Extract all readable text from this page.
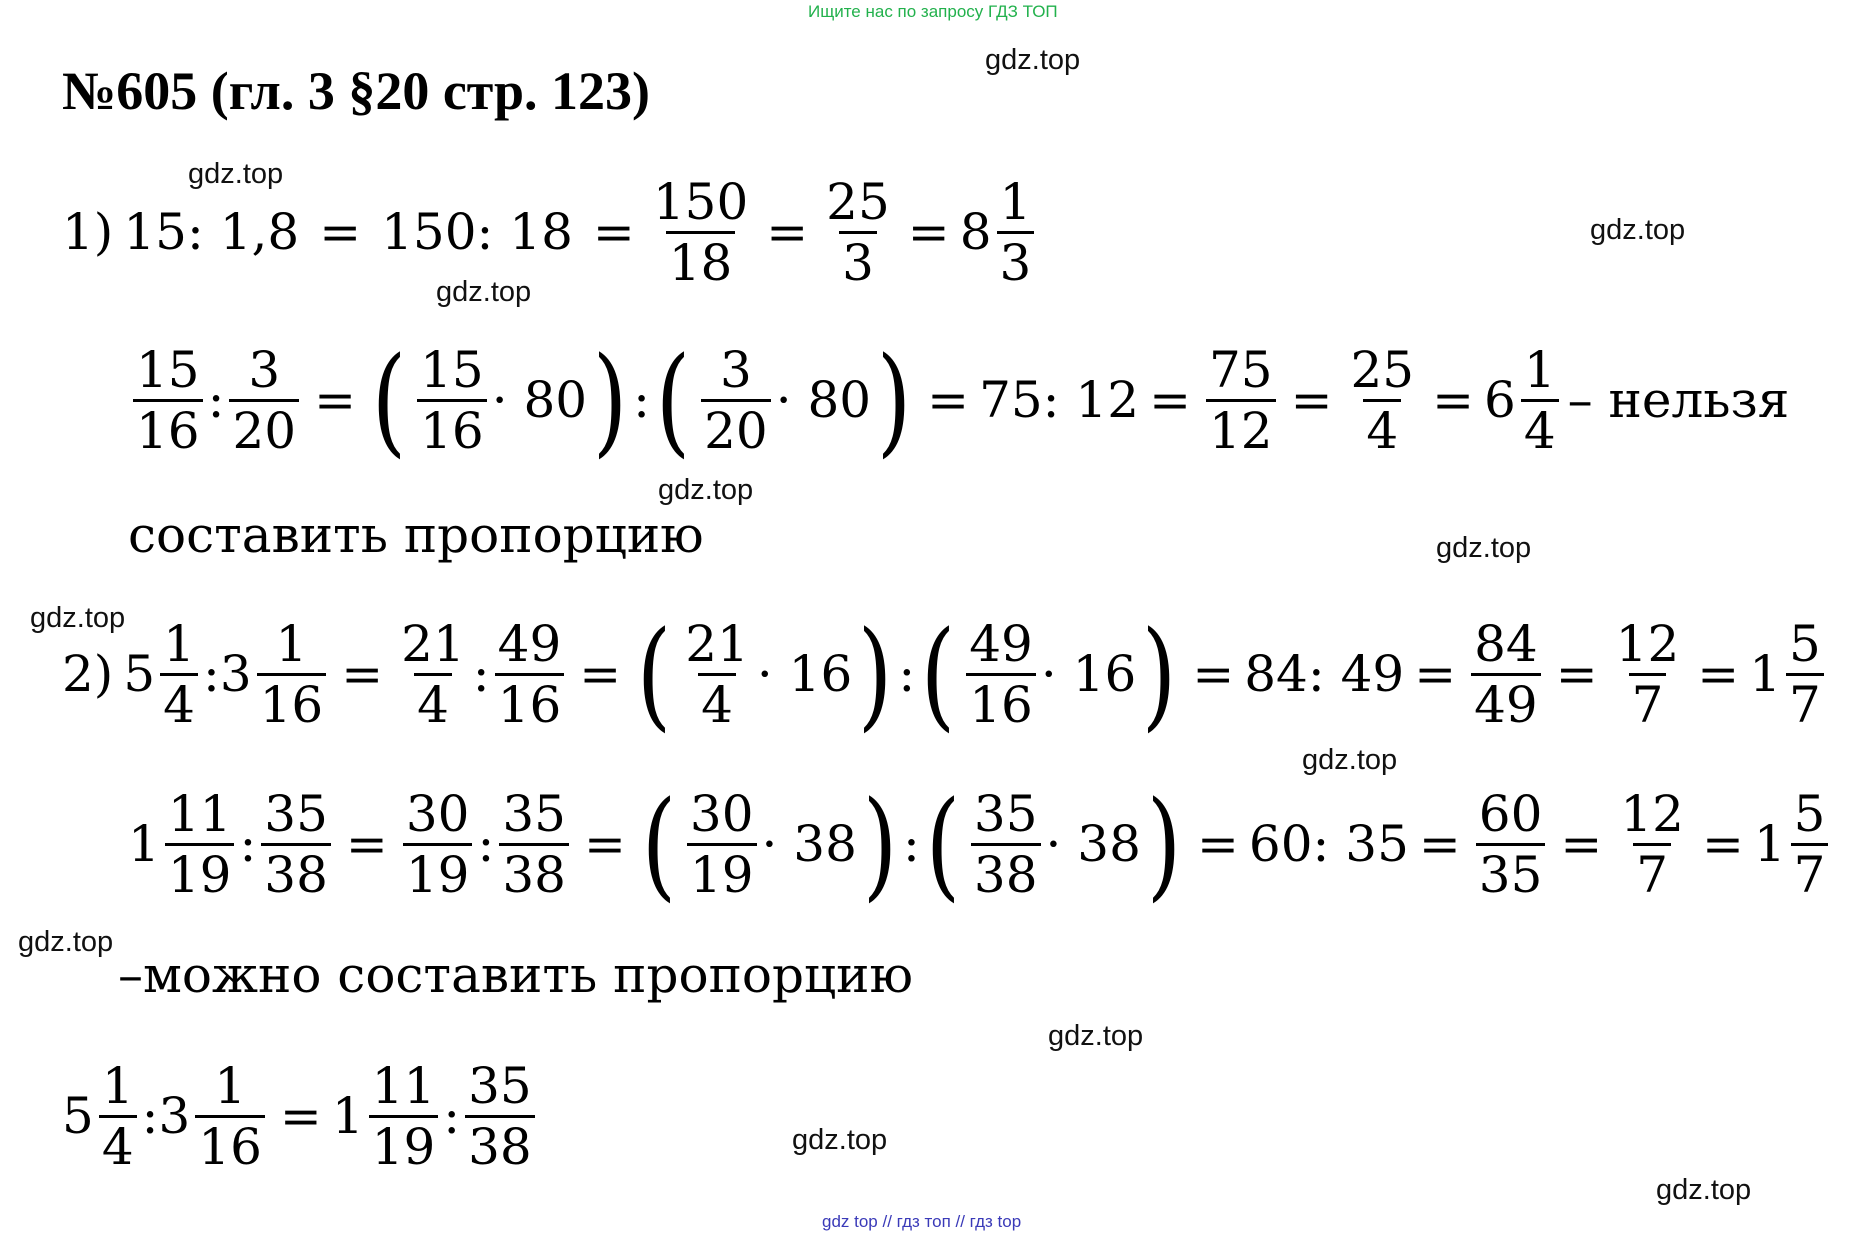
Ищите нас по запросу ГДЗ ТОП
№605 (гл. 3 §20 стр. 123)
gdz.top
gdz.top
gdz.top
gdz.top
gdz.top
gdz.top
gdz.top
gdz.top
gdz.top
gdz.top
gdz.top
gdz.top
1) 15: 1,8 = 150: $18 = \frac{150}{18} = \frac{25}{3} = 8 \frac{1}{3}$
$\frac{15}{16}$ : $\frac{3}{20}$ = ( $\frac{15}{16} \cdot 80$ ) : ( $\frac{3}{20} \cdot 80$ ) = 75: $12 = \frac{75}{12} = \frac{25}{4} = 6 \frac{1}{4}$ – нельзя
составить пропорцию
2) $5 \frac{1}{4}$ : $3 \frac{1}{16} = \frac{21}{4}$ : $\frac{49}{16}$ = ( $\frac{21}{4} \cdot 16$ ) : ( $\frac{49}{16} \cdot 16$ ) = 84: $49 = \frac{84}{49} = \frac{12}{7} = 1 \frac{5}{7}$
$1 \frac{11}{19}$ : $\frac{35}{38} = \frac{30}{19}$ : $\frac{35}{38}$ = ( $\frac{30}{19} \cdot 38$ ) : ( $\frac{35}{38} \cdot 38$ ) = 60: $35 = \frac{60}{35} = \frac{12}{7} = 1 \frac{5}{7}$
–можно составить пропорцию
$5 \frac{1}{4}$ : $3 \frac{1}{16} = 1 \frac{11}{19}$ : $\frac{35}{38}$
gdz top // гдз топ // гдз top
